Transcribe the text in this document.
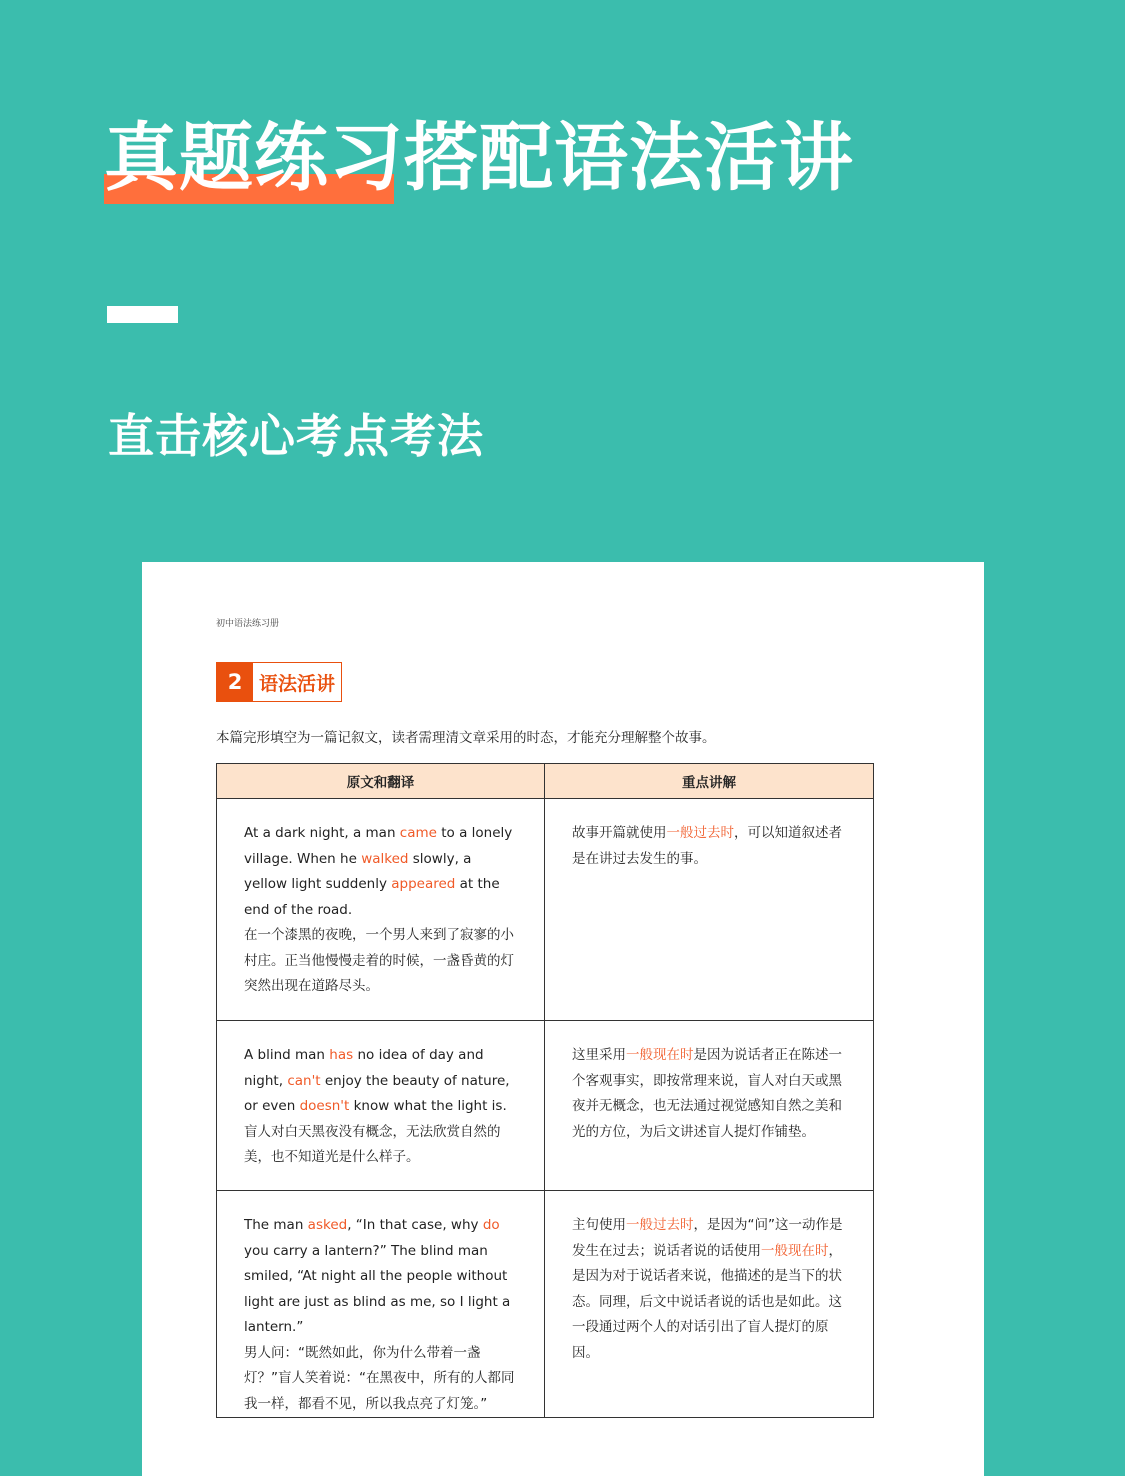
真题练习搭配语法活讲
直击核心考点考法
初中语法练习册
2 语法活讲
本篇完形填空为一篇记叙文，读者需理清文章采用的时态，才能充分理解整个故事。
原文和翻译	重点讲解

At a dark night, a man came to a lonely village. When he walked slowly, a yellow light suddenly appeared at the end of the road.
在一个漆黑的夜晚，一个男人来到了寂寥的小村庄。正当他慢慢走着的时候，一盏昏黄的灯突然出现在道路尽头。	故事开篇就使用一般过去时，可以知道叙述者是在讲过去发生的事。

A blind man has no idea of day and night, can't enjoy the beauty of nature, or even doesn't know what the light is.
盲人对白天黑夜没有概念，无法欣赏自然的美，也不知道光是什么样子。	这里采用一般现在时是因为说话者正在陈述一个客观事实，即按常理来说，盲人对白天或黑夜并无概念，也无法通过视觉感知自然之美和光的方位，为后文讲述盲人提灯作铺垫。

The man asked, “In that case, why do you carry a lantern?” The blind man smiled, “At night all the people without light are just as blind as me, so I light a lantern.”
男人问：“既然如此，你为什么带着一盏灯？”盲人笑着说：“在黑夜中，所有的人都同我一样，都看不见，所以我点亮了灯笼。”	主句使用一般过去时，是因为“问”这一动作是发生在过去；说话者说的话使用一般现在时，是因为对于说话者来说，他描述的是当下的状态。同理，后文中说话者说的话也是如此。这一段通过两个人的对话引出了盲人提灯的原因。
